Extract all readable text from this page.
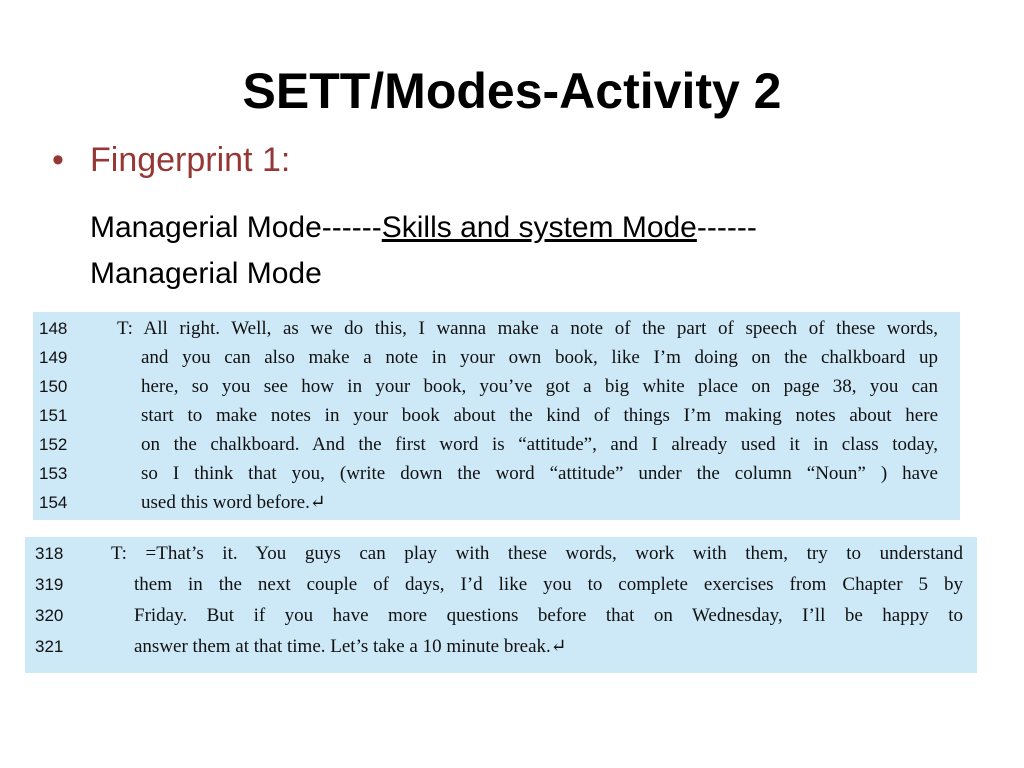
SETT/Modes-Activity 2
• Fingerprint 1:
Managerial Mode------Skills and system Mode------
Managerial Mode
148	T: All right. Well, as we do this, I wanna make a note of the part of speech of these words,
149	and you can also make a note in your own book, like I’m doing on the chalkboard up
150	here, so you see how in your book, you’ve got a big white place on page 38, you can
151	start to make notes in your book about the kind of things I’m making notes about here
152	on the chalkboard. And the first word is “attitude”, and I already used it in class today,
153	so I think that you, (write down the word “attitude” under the column “Noun” ) have
154	used this word before.↵
318	T: =That’s it. You guys can play with these words, work with them, try to understand
319	them in the next couple of days, I’d like you to complete exercises from Chapter 5 by
320	Friday. But if you have more questions before that on Wednesday, I’ll be happy to
321	answer them at that time. Let’s take a 10 minute break.↵
